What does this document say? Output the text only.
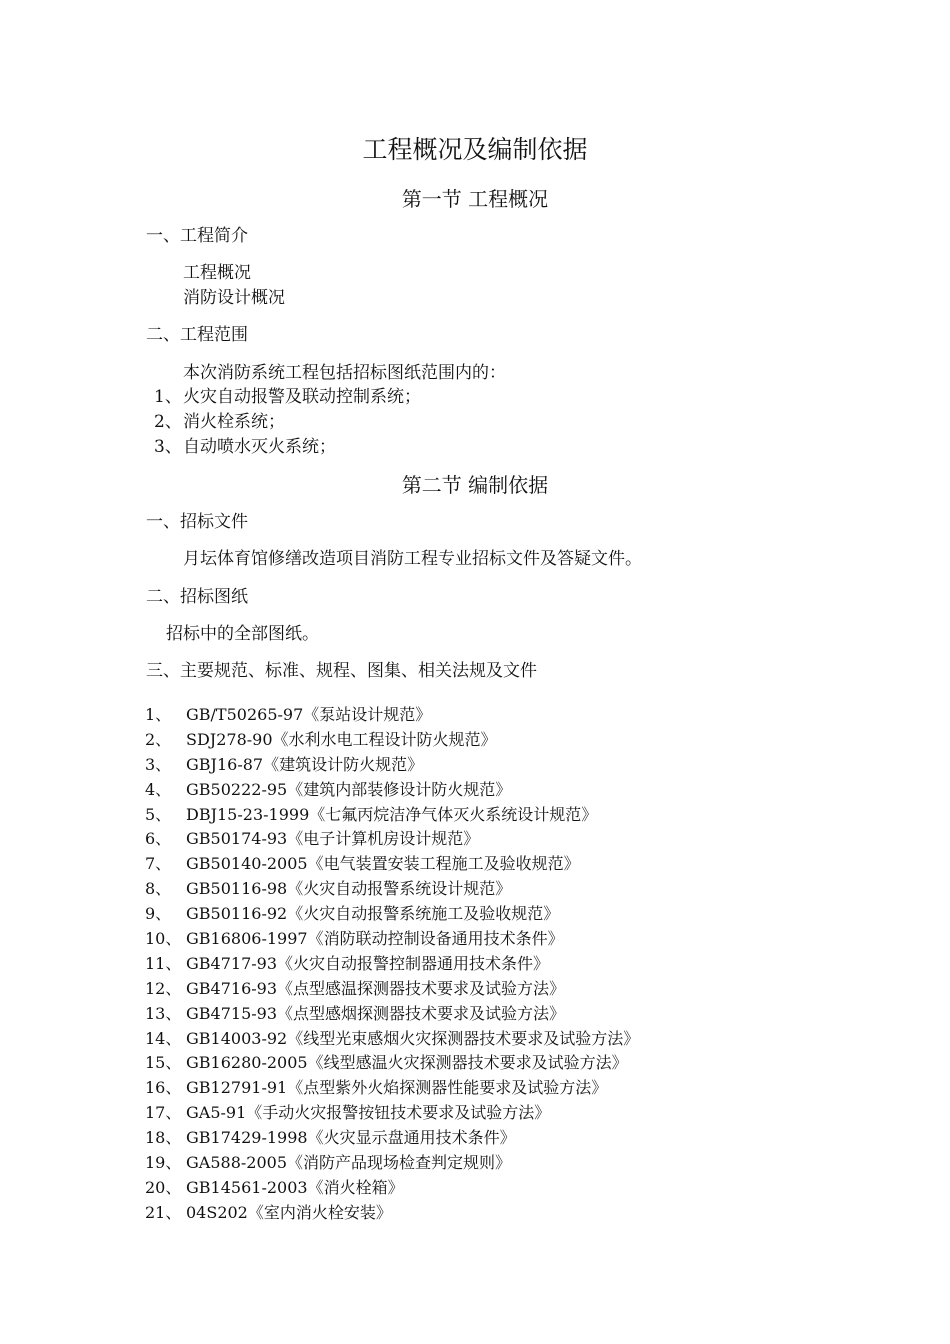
工程概况及编制依据
第一节 工程概况
一、工程简介
工程概况
消防设计概况
二、工程范围
本次消防系统工程包括招标图纸范围内的：
1、 火灾自动报警及联动控制系统；
2、 消火栓系统；
3、 自动喷水灭火系统；
第二节 编制依据
一、招标文件
月坛体育馆修缮改造项目消防工程专业招标文件及答疑文件。
二、招标图纸
招标中的全部图纸。
三、主要规范、标准、规程、图集、相关法规及文件
1、 GB/T50265-97《泵站设计规范》
2、 SDJ278-90《水利水电工程设计防火规范》
3、 GBJ16-87《建筑设计防火规范》
4、 GB50222-95《建筑内部装修设计防火规范》
5、 DBJ15-23-1999《七氟丙烷洁净气体灭火系统设计规范》
6、 GB50174-93《电子计算机房设计规范》
7、 GB50140-2005《电气装置安装工程施工及验收规范》
8、 GB50116-98《火灾自动报警系统设计规范》
9、 GB50116-92《火灾自动报警系统施工及验收规范》
10、 GB16806-1997《消防联动控制设备通用技术条件》
11、 GB4717-93《火灾自动报警控制器通用技术条件》
12、 GB4716-93《点型感温探测器技术要求及试验方法》
13、 GB4715-93《点型感烟探测器技术要求及试验方法》
14、 GB14003-92《线型光束感烟火灾探测器技术要求及试验方法》
15、 GB16280-2005《线型感温火灾探测器技术要求及试验方法》
16、 GB12791-91《点型紫外火焰探测器性能要求及试验方法》
17、 GA5-91《手动火灾报警按钮技术要求及试验方法》
18、 GB17429-1998《火灾显示盘通用技术条件》
19、 GA588-2005《消防产品现场检查判定规则》
20、 GB14561-2003《消火栓箱》
21、 04S202《室内消火栓安装》
